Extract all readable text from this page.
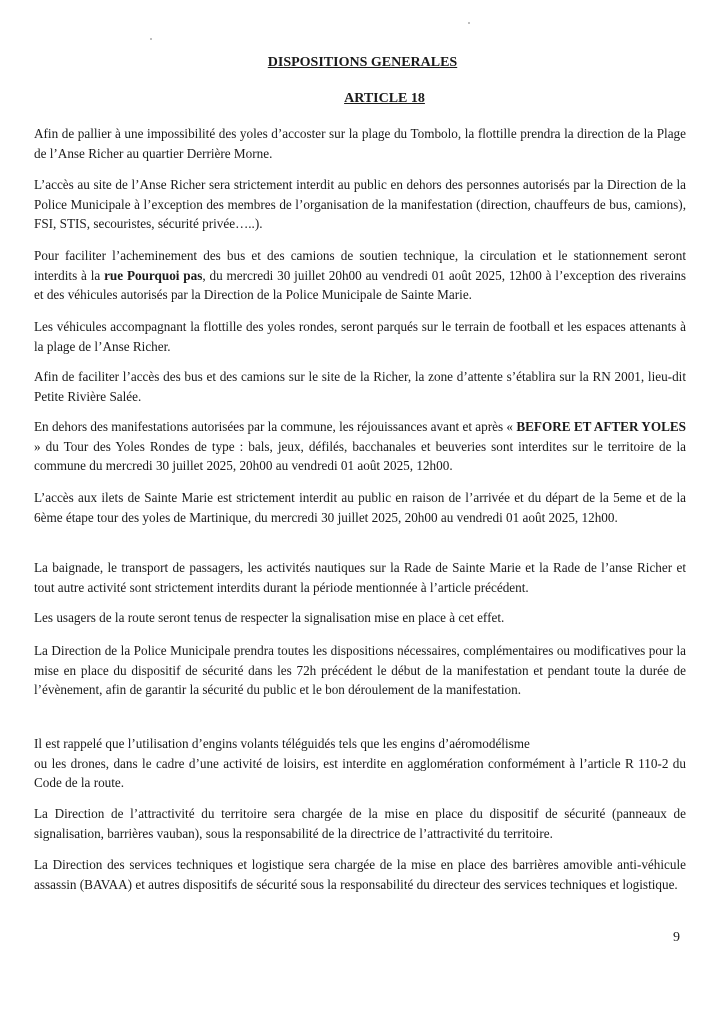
DISPOSITIONS GENERALES
ARTICLE 18

Afin de pallier à une impossibilité des yoles d’accoster sur la plage du Tombolo, la flottille prendra la direction de la Plage de l’Anse Richer au quartier Derrière Morne.

L’accès au site de l’Anse Richer sera strictement interdit au public en dehors des personnes autorisés par la Direction de la Police Municipale à l’exception des membres de l’organisation de la manifestation (direction, chauffeurs de bus, camions), FSI, STIS, secouristes, sécurité privée…..).

Pour faciliter l’acheminement des bus et des camions de soutien technique, la circulation et le stationnement seront interdits à la rue Pourquoi pas, du mercredi 30 juillet 20h00 au vendredi 01 août 2025, 12h00 à l’exception des riverains et des véhicules autorisés par la Direction de la Police Municipale de Sainte Marie.

Les véhicules accompagnant la flottille des yoles rondes, seront parqués sur le terrain de football et les espaces attenants à la plage de l’Anse Richer.

Afin de faciliter l’accès des bus et des camions sur le site de la Richer, la zone d’attente s’établira sur la RN 2001, lieu-dit Petite Rivière Salée.

En dehors des manifestations autorisées par la commune, les réjouissances avant et après « BEFORE ET AFTER YOLES » du Tour des Yoles Rondes de type : bals, jeux, défilés, bacchanales et beuveries sont interdites sur le territoire de la commune du mercredi 30 juillet 2025, 20h00 au vendredi 01 août 2025, 12h00.

L’accès aux ilets de Sainte Marie est strictement interdit au public en raison de l’arrivée et du départ de la 5eme et de la 6ème étape tour des yoles de Martinique, du mercredi 30 juillet 2025, 20h00 au vendredi 01 août 2025, 12h00.

La baignade, le transport de passagers, les activités nautiques sur la Rade de Sainte Marie et la Rade de l’anse Richer et tout autre activité sont strictement interdits durant la période mentionnée à l’article précédent.

Les usagers de la route seront tenus de respecter la signalisation mise en place à cet effet.

La Direction de la Police Municipale prendra toutes les dispositions nécessaires, complémentaires ou modificatives pour la mise en place du dispositif de sécurité dans les 72h précédent le début de la manifestation et pendant toute la durée de l’évènement, afin de garantir la sécurité du public et le bon déroulement de la manifestation.

Il est rappelé que l’utilisation d’engins volants téléguidés tels que les engins d’aéromodélisme
ou les drones, dans le cadre d’une activité de loisirs, est interdite en agglomération conformément à l’article R 110-2 du Code de la route.

La Direction de l’attractivité du territoire sera chargée de la mise en place du dispositif de sécurité (panneaux de signalisation, barrières vauban), sous la responsabilité de la directrice de l’attractivité du territoire.

La Direction des services techniques et logistique sera chargée de la mise en place des barrières amovible anti-véhicule assassin (BAVAA) et autres dispositifs de sécurité sous la responsabilité du directeur des services techniques et logistique.

9
